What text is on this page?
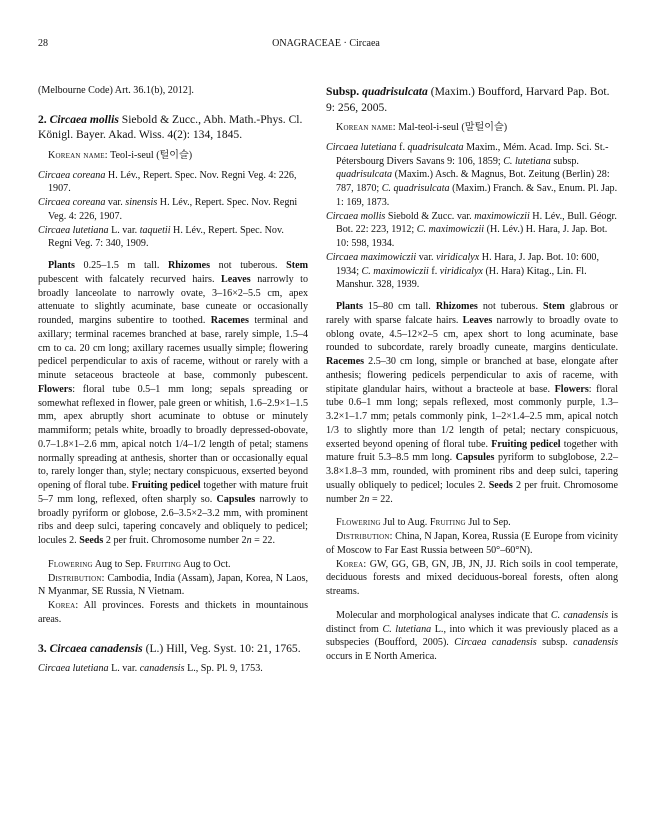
28	ONAGRACEAE · Circaea

(Melbourne Code) Art. 36.1(b), 2012].

2. Circaea mollis Siebold & Zucc., Abh. Math.-Phys. Cl. Königl. Bayer. Akad. Wiss. 4(2): 134, 1845.

Korean name: Teol-i-seul (털이슬)

Circaea coreana H. Lév., Repert. Spec. Nov. Regni Veg. 4: 226, 1907.

Circaea coreana var. sinensis H. Lév., Repert. Spec. Nov. Regni Veg. 4: 226, 1907.

Circaea lutetiana L. var. taquetii H. Lév., Repert. Spec. Nov. Regni Veg. 7: 340, 1909.

Plants 0.25–1.5 m tall. Rhizomes not tuberous. Stem pubescent with falcately recurved hairs. Leaves narrowly to broadly lanceolate to narrowly ovate, 3–16×2–5.5 cm, apex attenuate to slightly acuminate, base cuneate or occasionally rounded, margins subentire to toothed. Racemes terminal and axillary; terminal racemes branched at base, rarely simple, 1.5–4 cm to ca. 20 cm long; axillary racemes usually simple; flowering pedicel perpendicular to axis of raceme, without or rarely with a minute setaceous bracteole at base, commonly pubescent. Flowers: floral tube 0.5–1 mm long; sepals spreading or somewhat reflexed in flower, pale green or whitish, 1.6–2.9×1–1.5 mm, apex abruptly short acuminate to obtuse or minutely mammiform; petals white, broadly to broadly depressed-obovate, 0.7–1.8×1–2.6 mm, apical notch 1/4–1/2 length of petal; stamens normally spreading at anthesis, shorter than or occasionally equal to, rarely longer than, style; nectary conspicuous, exserted beyond opening of floral tube. Fruiting pedicel together with mature fruit 5–7 mm long, reflexed, often sharply so. Capsules narrowly to broadly pyriform or globose, 2.6–3.5×2–3.2 mm, with prominent ribs and deep sulci, tapering concavely and obliquely to pedicel; locules 2. Seeds 2 per fruit. Chromosome number 2n = 22.

Flowering Aug to Sep. Fruiting Aug to Oct.

Distribution: Cambodia, India (Assam), Japan, Korea, N Laos, N Myanmar, SE Russia, N Vietnam.

Korea: All provinces. Forests and thickets in mountainous areas.

3. Circaea canadensis (L.) Hill, Veg. Syst. 10: 21, 1765.

Circaea lutetiana L. var. canadensis L., Sp. Pl. 9, 1753.

Subsp. quadrisulcata (Maxim.) Boufford, Harvard Pap. Bot. 9: 256, 2005.

Korean name: Mal-teol-i-seul (말털이슬)

Circaea lutetiana f. quadrisulcata Maxim., Mém. Acad. Imp. Sci. St.-Pétersbourg Divers Savans 9: 106, 1859; C. lutetiana subsp. quadrisulcata (Maxim.) Asch. & Magnus, Bot. Zeitung (Berlin) 28: 787, 1870; C. quadrisulcata (Maxim.) Franch. & Sav., Enum. Pl. Jap. 1: 169, 1873.

Circaea mollis Siebold & Zucc. var. maximowiczii H. Lév., Bull. Géogr. Bot. 22: 223, 1912; C. maximowiczii (H. Lév.) H. Hara, J. Jap. Bot. 10: 598, 1934.

Circaea maximowiczii var. viridicalyx H. Hara, J. Jap. Bot. 10: 600, 1934; C. maximowiczii f. viridicalyx (H. Hara) Kitag., Lin. Fl. Manshur. 328, 1939.

Plants 15–80 cm tall. Rhizomes not tuberous. Stem glabrous or rarely with sparse falcate hairs. Leaves narrowly to broadly ovate to oblong ovate, 4.5–12×2–5 cm, apex short to long acuminate, base rounded to subcordate, rarely broadly cuneate, margins denticulate. Racemes 2.5–30 cm long, simple or branched at base, elongate after anthesis; flowering pedicels perpendicular to axis of raceme, with stipitate glandular hairs, without a bracteole at base. Flowers: floral tube 0.6–1 mm long; sepals reflexed, most commonly purple, 1.3–3.2×1–1.7 mm; petals commonly pink, 1–2×1.4–2.5 mm, apical notch 1/3 to slightly more than 1/2 length of petal; nectary conspicuous, exserted beyond opening of floral tube. Fruiting pedicel together with mature fruit 5.3–8.5 mm long. Capsules pyriform to subglobose, 2.2–3.8×1.8–3 mm, rounded, with prominent ribs and deep sulci, tapering usually obliquely to pedicel; locules 2. Seeds 2 per fruit. Chromosome number 2n = 22.

Flowering Jul to Aug. Fruiting Jul to Sep.

Distribution: China, N Japan, Korea, Russia (E Europe from vicinity of Moscow to Far East Russia between 50°–60°N).

Korea: GW, GG, GB, GN, JB, JN, JJ. Rich soils in cool temperate, deciduous forests and mixed deciduous-boreal forests, often along streams.

Molecular and morphological analyses indicate that C. canadensis is distinct from C. lutetiana L., into which it was previously placed as a subspecies (Boufford, 2005). Circaea canadensis subsp. canadensis occurs in E North America.
